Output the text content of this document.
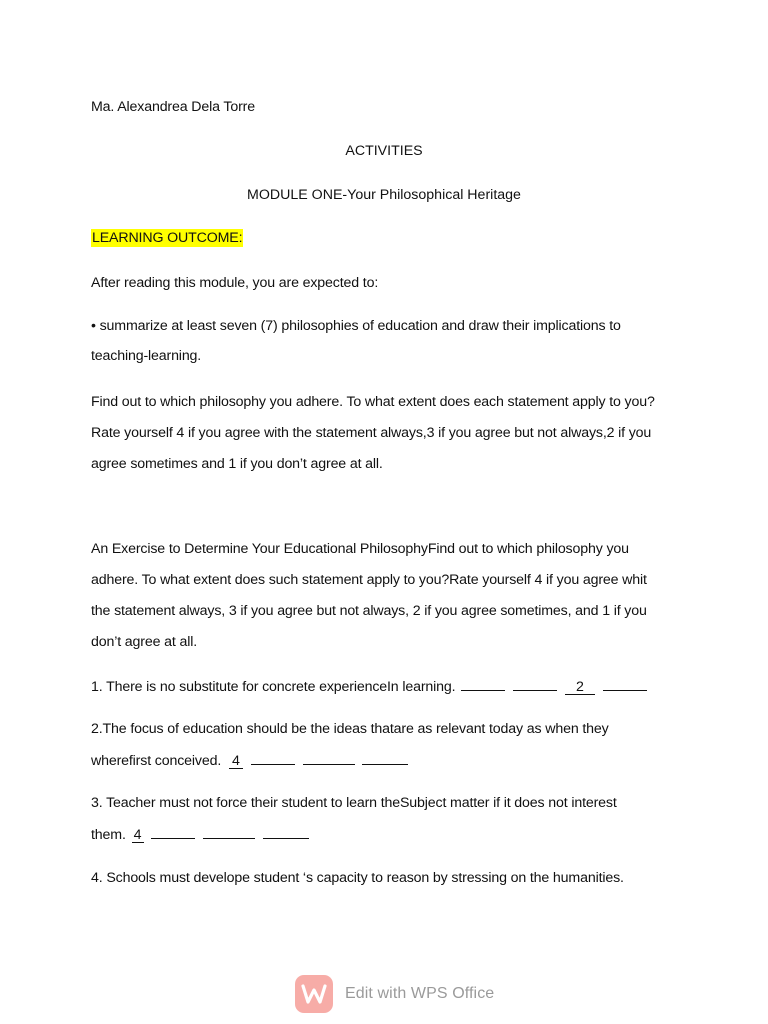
Ma. Alexandrea Dela Torre
ACTIVITIES
MODULE ONE-Your Philosophical Heritage
LEARNING OUTCOME:
After reading this module, you are expected to:
• summarize at least seven (7) philosophies of education and draw their implications to
teaching-learning.
Find out to which philosophy you adhere. To what extent does each statement apply to you?
Rate yourself 4 if you agree with the statement always,3 if you agree but not always,2 if you
agree sometimes and 1 if you don’t agree at all.
An Exercise to Determine Your Educational PhilosophyFind out to which philosophy you
adhere. To what extent does such statement apply to you?Rate yourself 4 if you agree whit
the statement always, 3 if you agree but not always, 2 if you agree sometimes, and 1 if you
don’t agree at all.
1. There is no substitute for concrete experienceIn learning.	2
2.The focus of education should be the ideas thatare as relevant today as when they
wherefirst conceived. 4
3. Teacher must not force their student to learn theSubject matter if it does not interest
them. 4
4. Schools must develope student ‘s capacity to reason by stressing on the humanities.
Edit with WPS Office
